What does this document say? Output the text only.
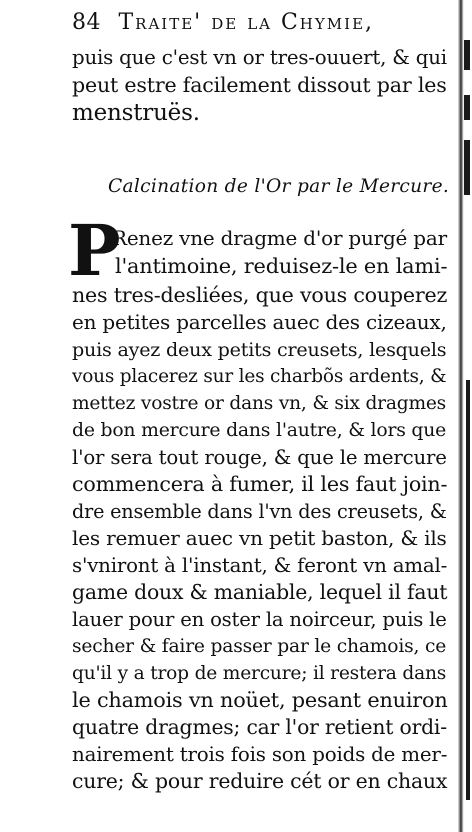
84 Traite' de la Chymie,
puis que c'est vn or tres-ouuert, & qui
peut estre facilement dissout par les
menstruës.
Calcination de l'Or par le Mercure.
P
Renez vne dragme d'or purgé par
l'antimoine, reduisez-le en lami-
nes tres-desliées, que vous couperez
en petites parcelles auec des cizeaux,
puis ayez deux petits creusets, lesquels
vous placerez sur les charbõs ardents, &
mettez vostre or dans vn, & six dragmes
de bon mercure dans l'autre, & lors que
l'or sera tout rouge, & que le mercure
commencera à fumer, il les faut join-
dre ensemble dans l'vn des creusets, &
les remuer auec vn petit baston, & ils
s'vniront à l'instant, & feront vn amal-
game doux & maniable, lequel il faut
lauer pour en oster la noirceur, puis le
secher & faire passer par le chamois, ce
qu'il y a trop de mercure; il restera dans
le chamois vn noüet, pesant enuiron
quatre dragmes; car l'or retient ordi-
nairement trois fois son poids de mer-
cure; & pour reduire cét or en chaux
